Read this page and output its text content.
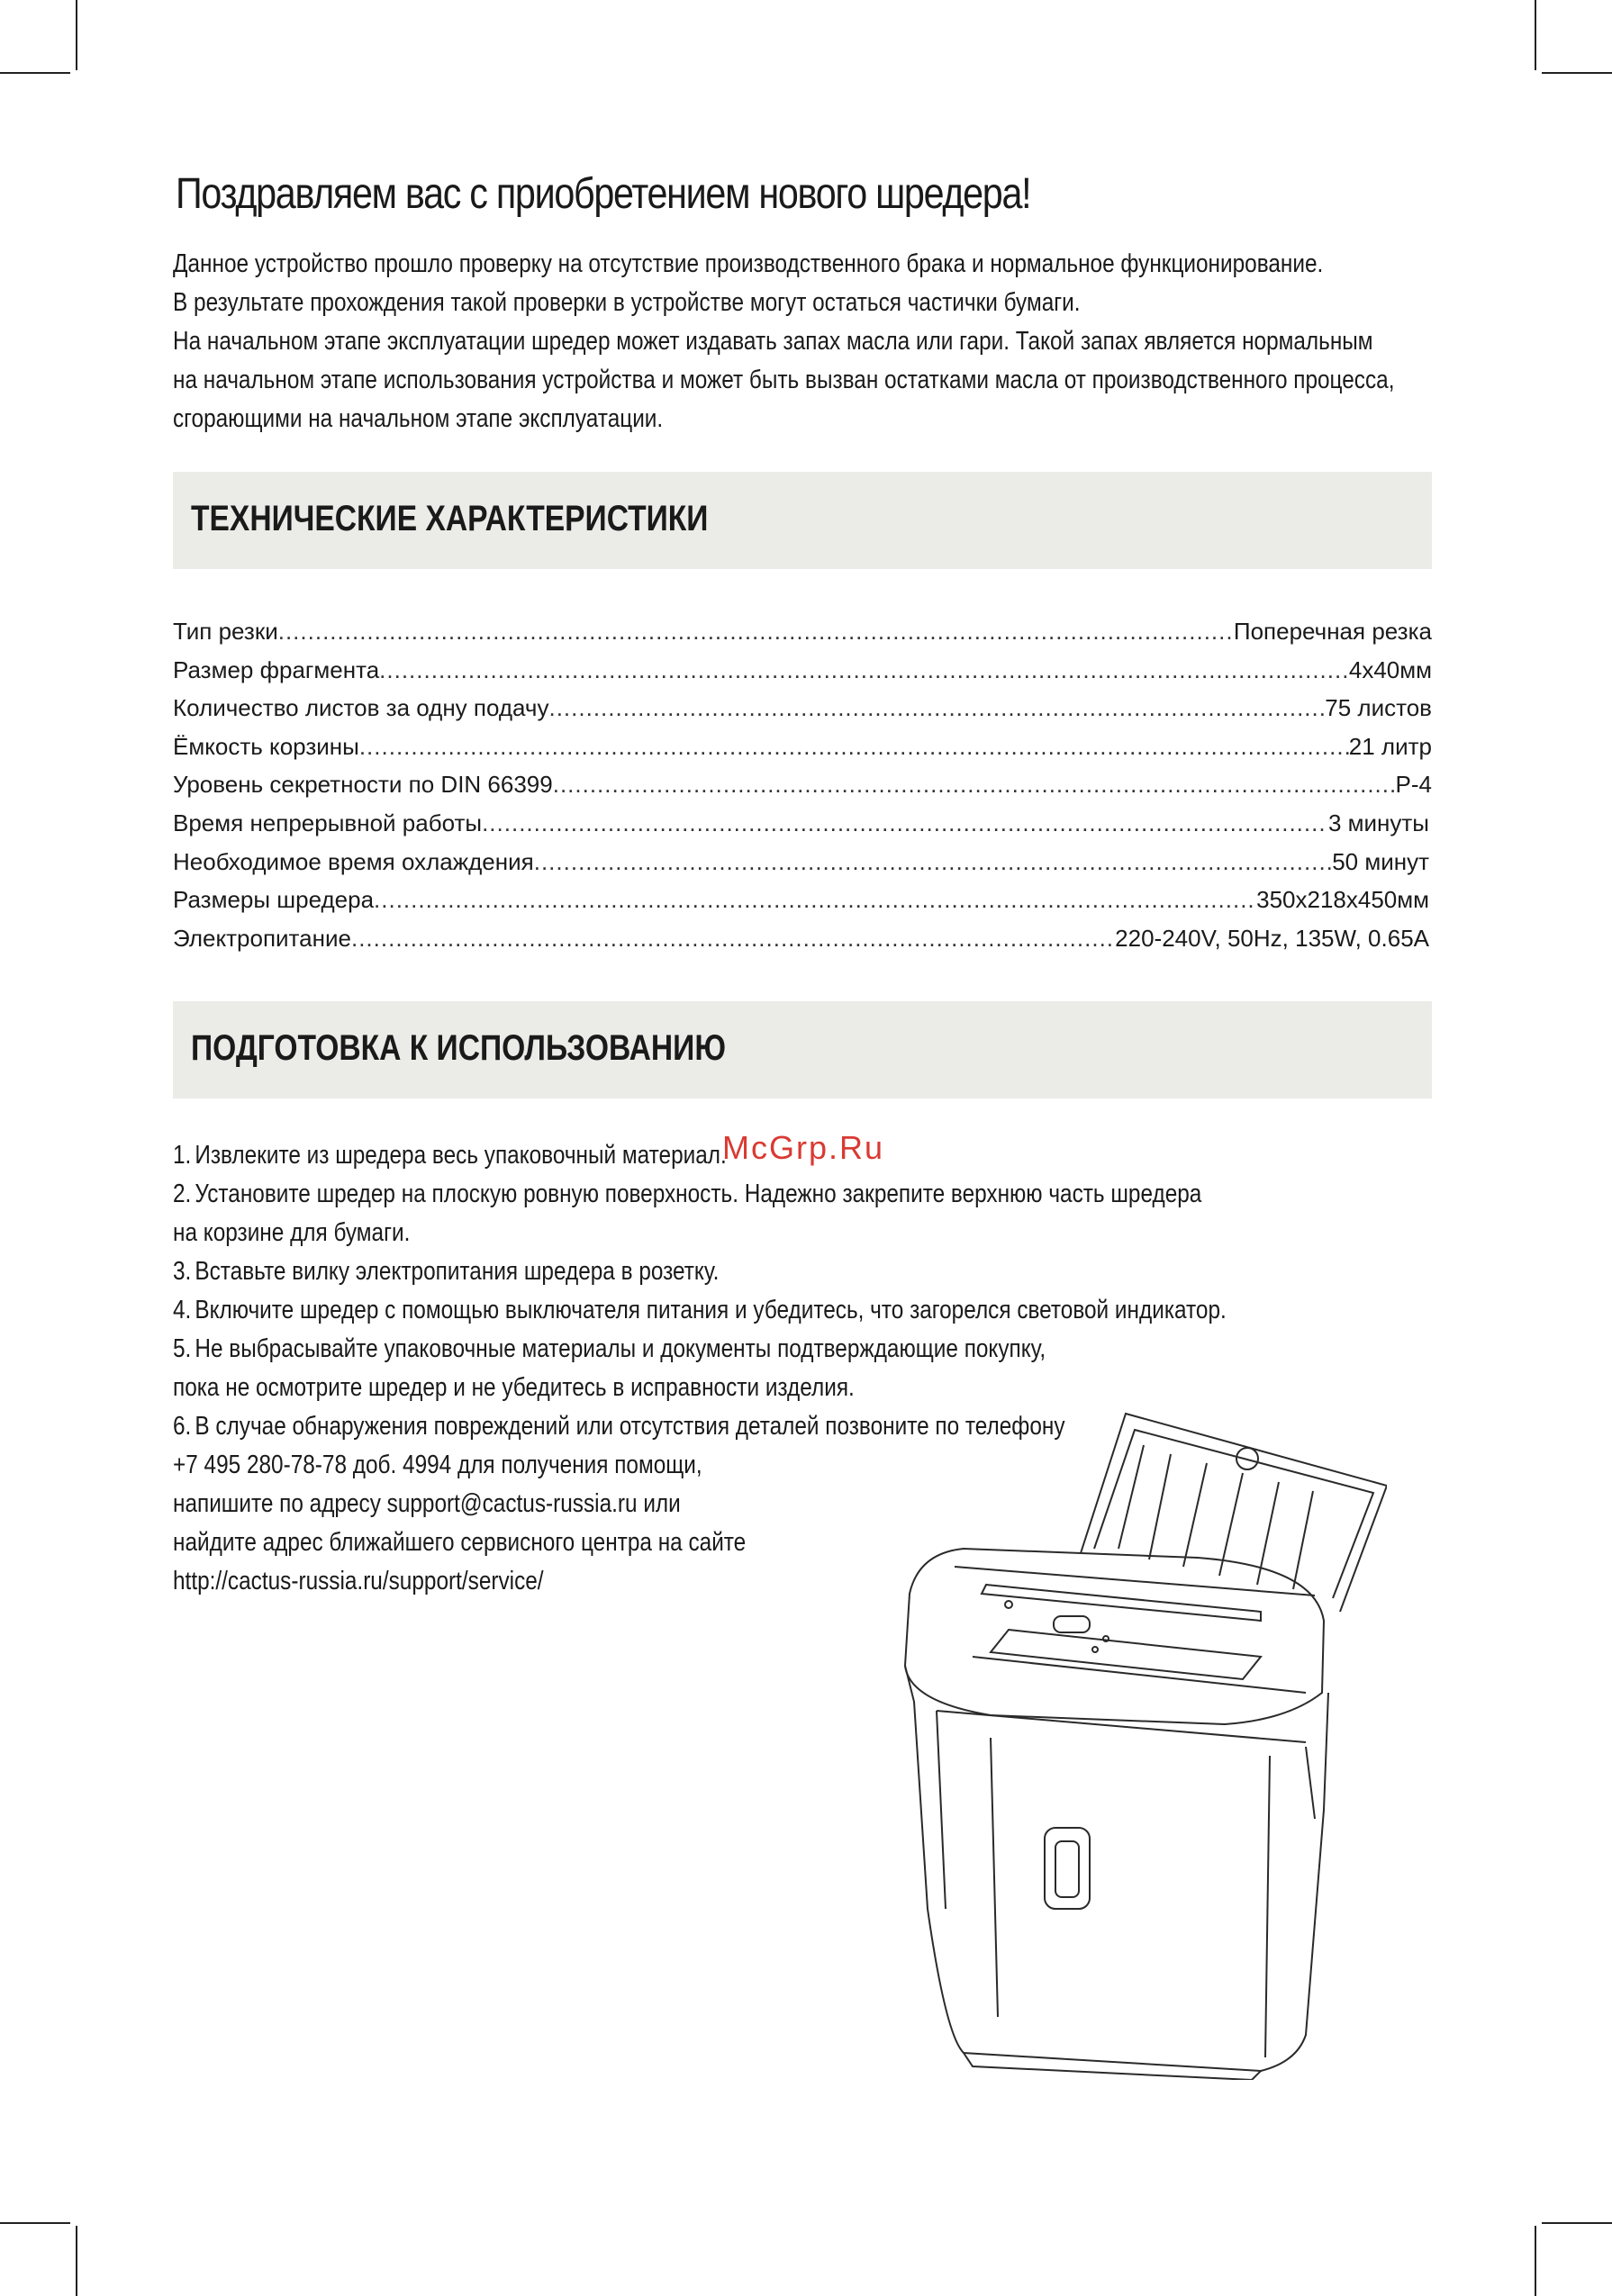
Поздравляем вас с приобретением нового шредера!
Данное устройство прошло проверку на отсутствие производственного брака и нормальное функционирование.
В результате прохождения такой проверки в устройстве могут остаться частички бумаги.
На начальном этапе эксплуатации шредер может издавать запах масла или гари. Такой запах является нормальным
на начальном этапе использования устройства и может быть вызван остатками масла от производственного процесса,
сгорающими на начальном этапе эксплуатации.
ТЕХНИЧЕСКИЕ ХАРАКТЕРИСТИКИ
Тип резки .....	Поперечная резка
Размер фрагмента .....	4x40мм
Количество листов за одну подачу .....	75 листов
Ёмкость корзины .....	21 литр
Уровень секретности по DIN 66399 .....	P-4
Время непрерывной работы .....	3 минуты
Необходимое время охлаждения .....	50 минут
Размеры шредера .....	350x218x450мм
Электропитание .....	220-240V, 50Hz, 135W, 0.65A
ПОДГОТОВКА К ИСПОЛЬЗОВАНИЮ
1. Извлеките из шредера весь упаковочный материал.
2. Установите шредер на плоскую ровную поверхность. Надежно закрепите верхнюю часть шредера
на корзине для бумаги.
3. Вставьте вилку электропитания шредера в розетку.
4. Включите шредер с помощью выключателя питания и убедитесь, что загорелся световой индикатор.
5. Не выбрасывайте упаковочные материалы и документы подтверждающие покупку,
пока не осмотрите шредер и не убедитесь в исправности изделия.
6. В случае обнаружения повреждений или отсутствия деталей позвоните по телефону
+7 495 280-78-78 доб. 4994 для получения помощи,
напишите по адресу support@cactus-russia.ru или
найдите адрес ближайшего сервисного центра на сайте
http://cactus-russia.ru/support/service/
McGrp.Ru
